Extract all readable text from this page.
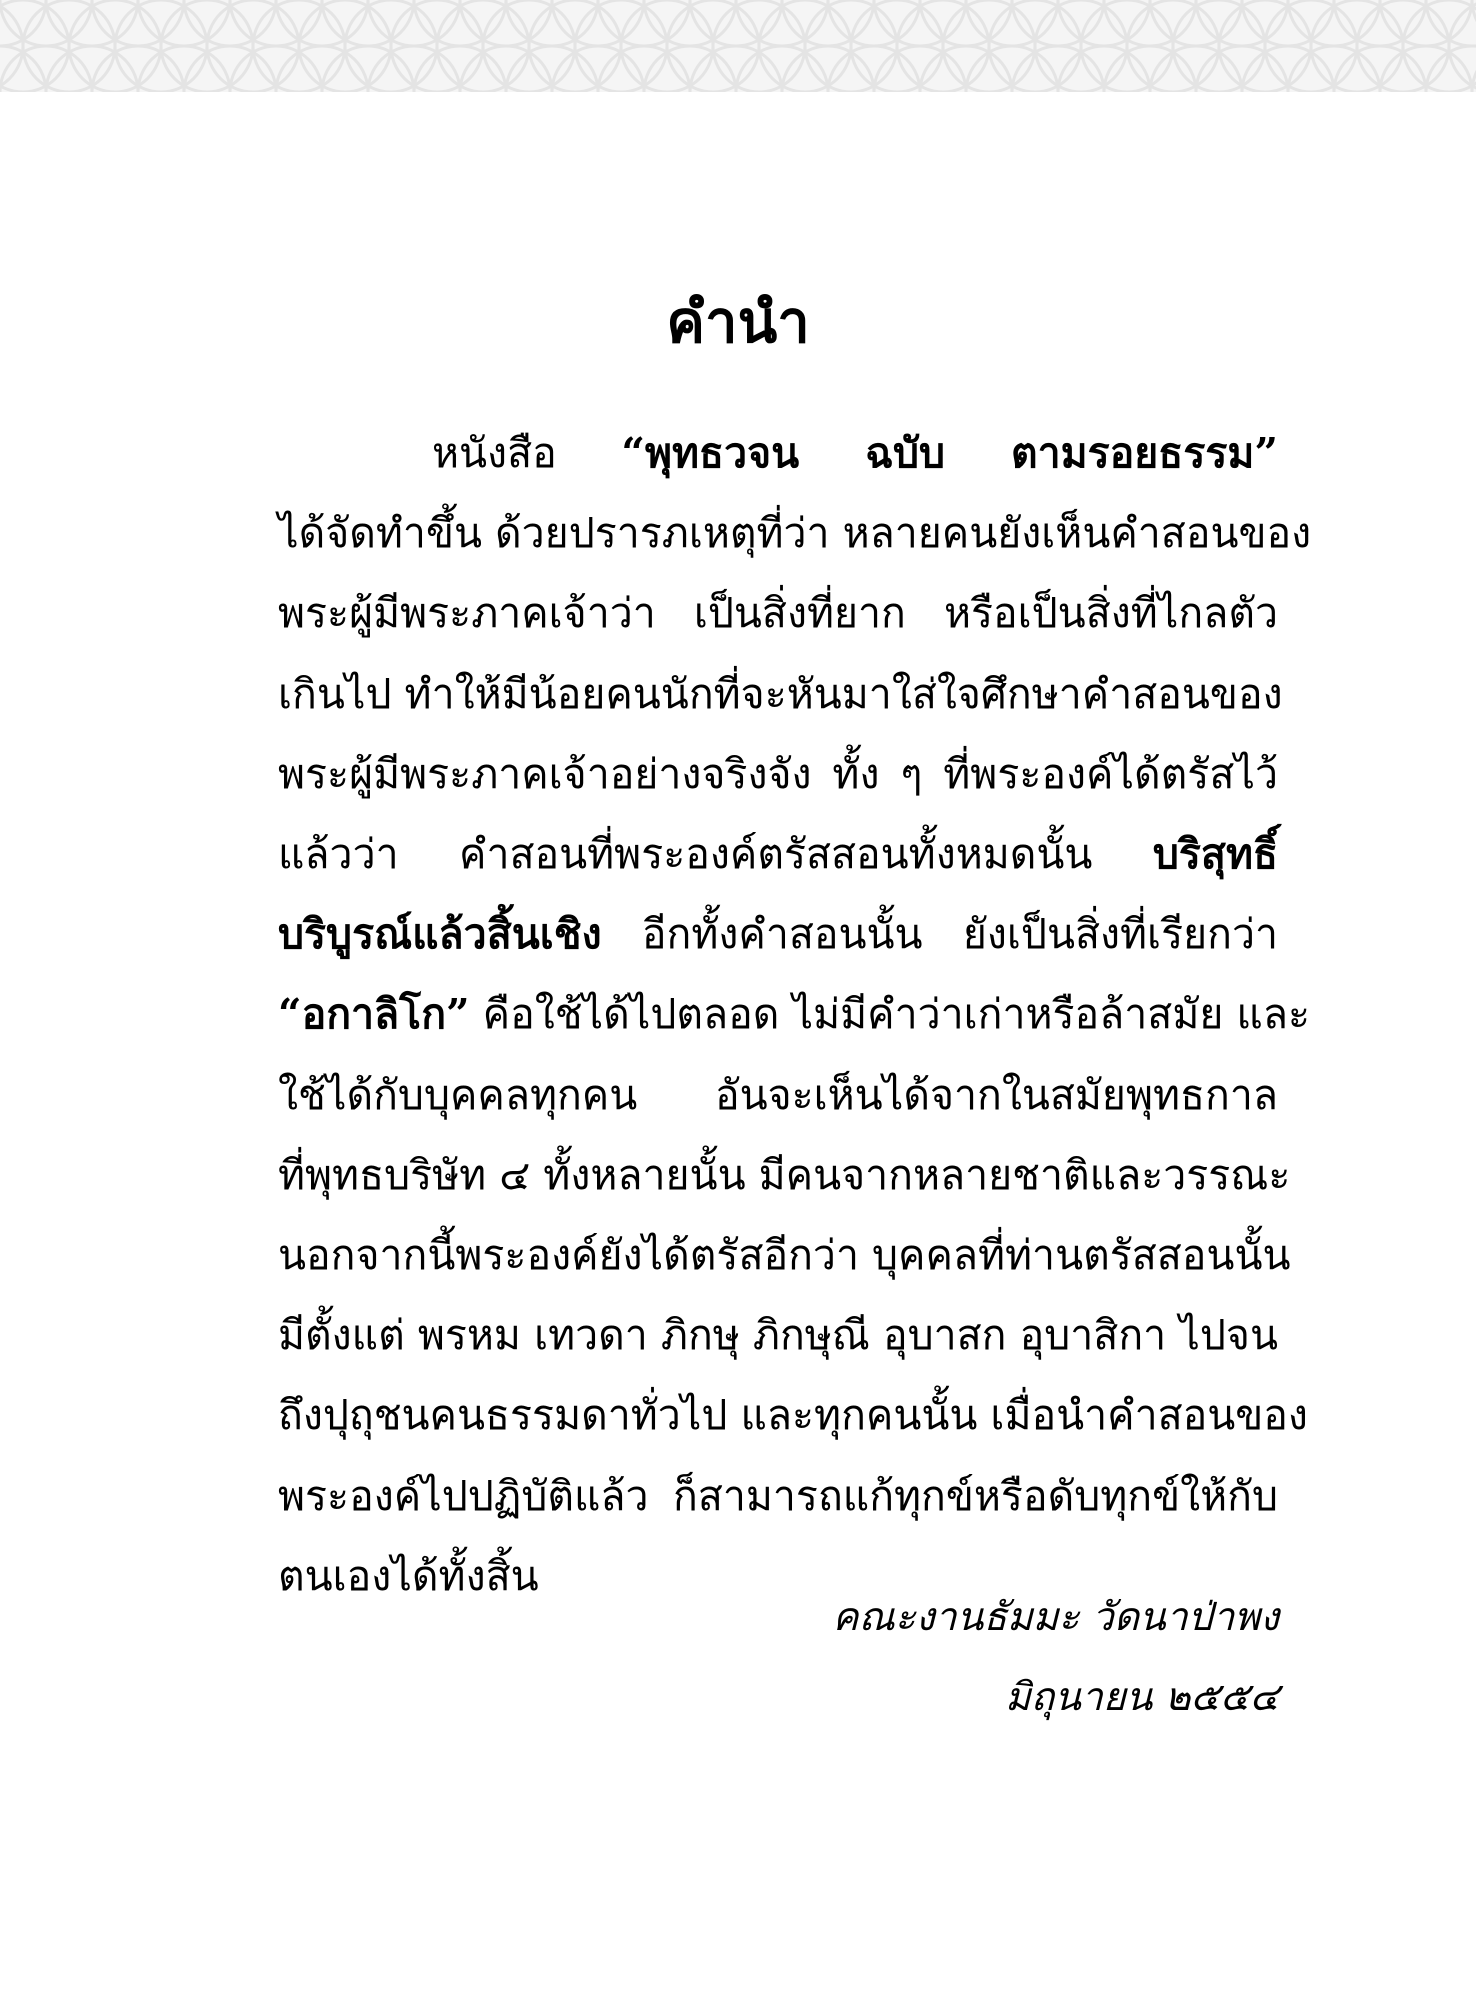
คำนำ
หนังสือ “พุทธวจน ฉบับ ตามรอยธรรม”
ได้จัดทำขึ้น ด้วยปรารภเหตุที่ว่า หลายคนยังเห็นคำสอนของ
พระผู้มีพระภาคเจ้าว่า เป็นสิ่งที่ยาก หรือเป็นสิ่งที่ไกลตัว
เกินไป ทำให้มีน้อยคนนักที่จะหันมาใส่ใจศึกษาคำสอนของ
พระผู้มีพระภาคเจ้าอย่างจริงจัง ทั้ง ๆ ที่พระองค์ได้ตรัสไว้
แล้วว่า คำสอนที่พระองค์ตรัสสอนทั้งหมดนั้น บริสุทธิ์
บริบูรณ์แล้วสิ้นเชิง อีกทั้งคำสอนนั้น ยังเป็นสิ่งที่เรียกว่า
“อกาลิโก” คือใช้ได้ไปตลอด ไม่มีคำว่าเก่าหรือล้าสมัย และ
ใช้ได้กับบุคคลทุกคน อันจะเห็นได้จากในสมัยพุทธกาล
ที่พุทธบริษัท ๔ ทั้งหลายนั้น มีคนจากหลายชาติและวรรณะ
นอกจากนี้พระองค์ยังได้ตรัสอีกว่า บุคคลที่ท่านตรัสสอนนั้น
มีตั้งแต่ พรหม เทวดา ภิกษุ ภิกษุณี อุบาสก อุบาสิกา ไปจน
ถึงปุถุชนคนธรรมดาทั่วไป และทุกคนนั้น เมื่อนำคำสอนของ
พระองค์ไปปฏิบัติแล้ว ก็สามารถแก้ทุกข์หรือดับทุกข์ให้กับ
ตนเองได้ทั้งสิ้น
คณะงานธัมมะ วัดนาป่าพง
มิถุนายน ๒๕๕๔
